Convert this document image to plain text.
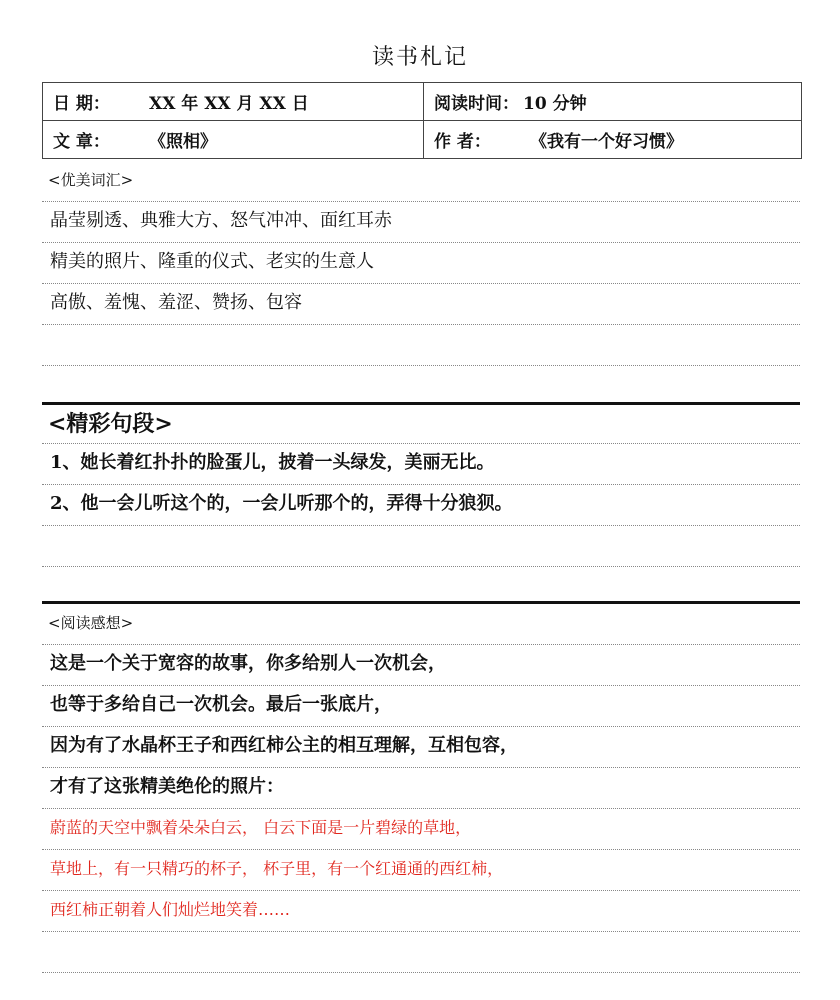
读书札记
日 期： XX 年 XX 月 XX 日	阅读时间： 10 分钟
文 章： 《照相》	作 者： 《我有一个好习惯》
<优美词汇>
晶莹剔透、典雅大方、怒气冲冲、面红耳赤
精美的照片、隆重的仪式、老实的生意人
高傲、羞愧、羞涩、赞扬、包容
<精彩句段>
1、她长着红扑扑的脸蛋儿，披着一头绿发，美丽无比。
2、他一会儿听这个的，一会儿听那个的，弄得十分狼狈。
<阅读感想>
这是一个关于宽容的故事，你多给别人一次机会，
也等于多给自己一次机会。最后一张底片，
因为有了水晶杯王子和西红柿公主的相互理解，互相包容，
才有了这张精美绝伦的照片：
蔚蓝的天空中飘着朵朵白云， 白云下面是一片碧绿的草地，
草地上，有一只精巧的杯子， 杯子里，有一个红通通的西红柿，
西红柿正朝着人们灿烂地笑着……
